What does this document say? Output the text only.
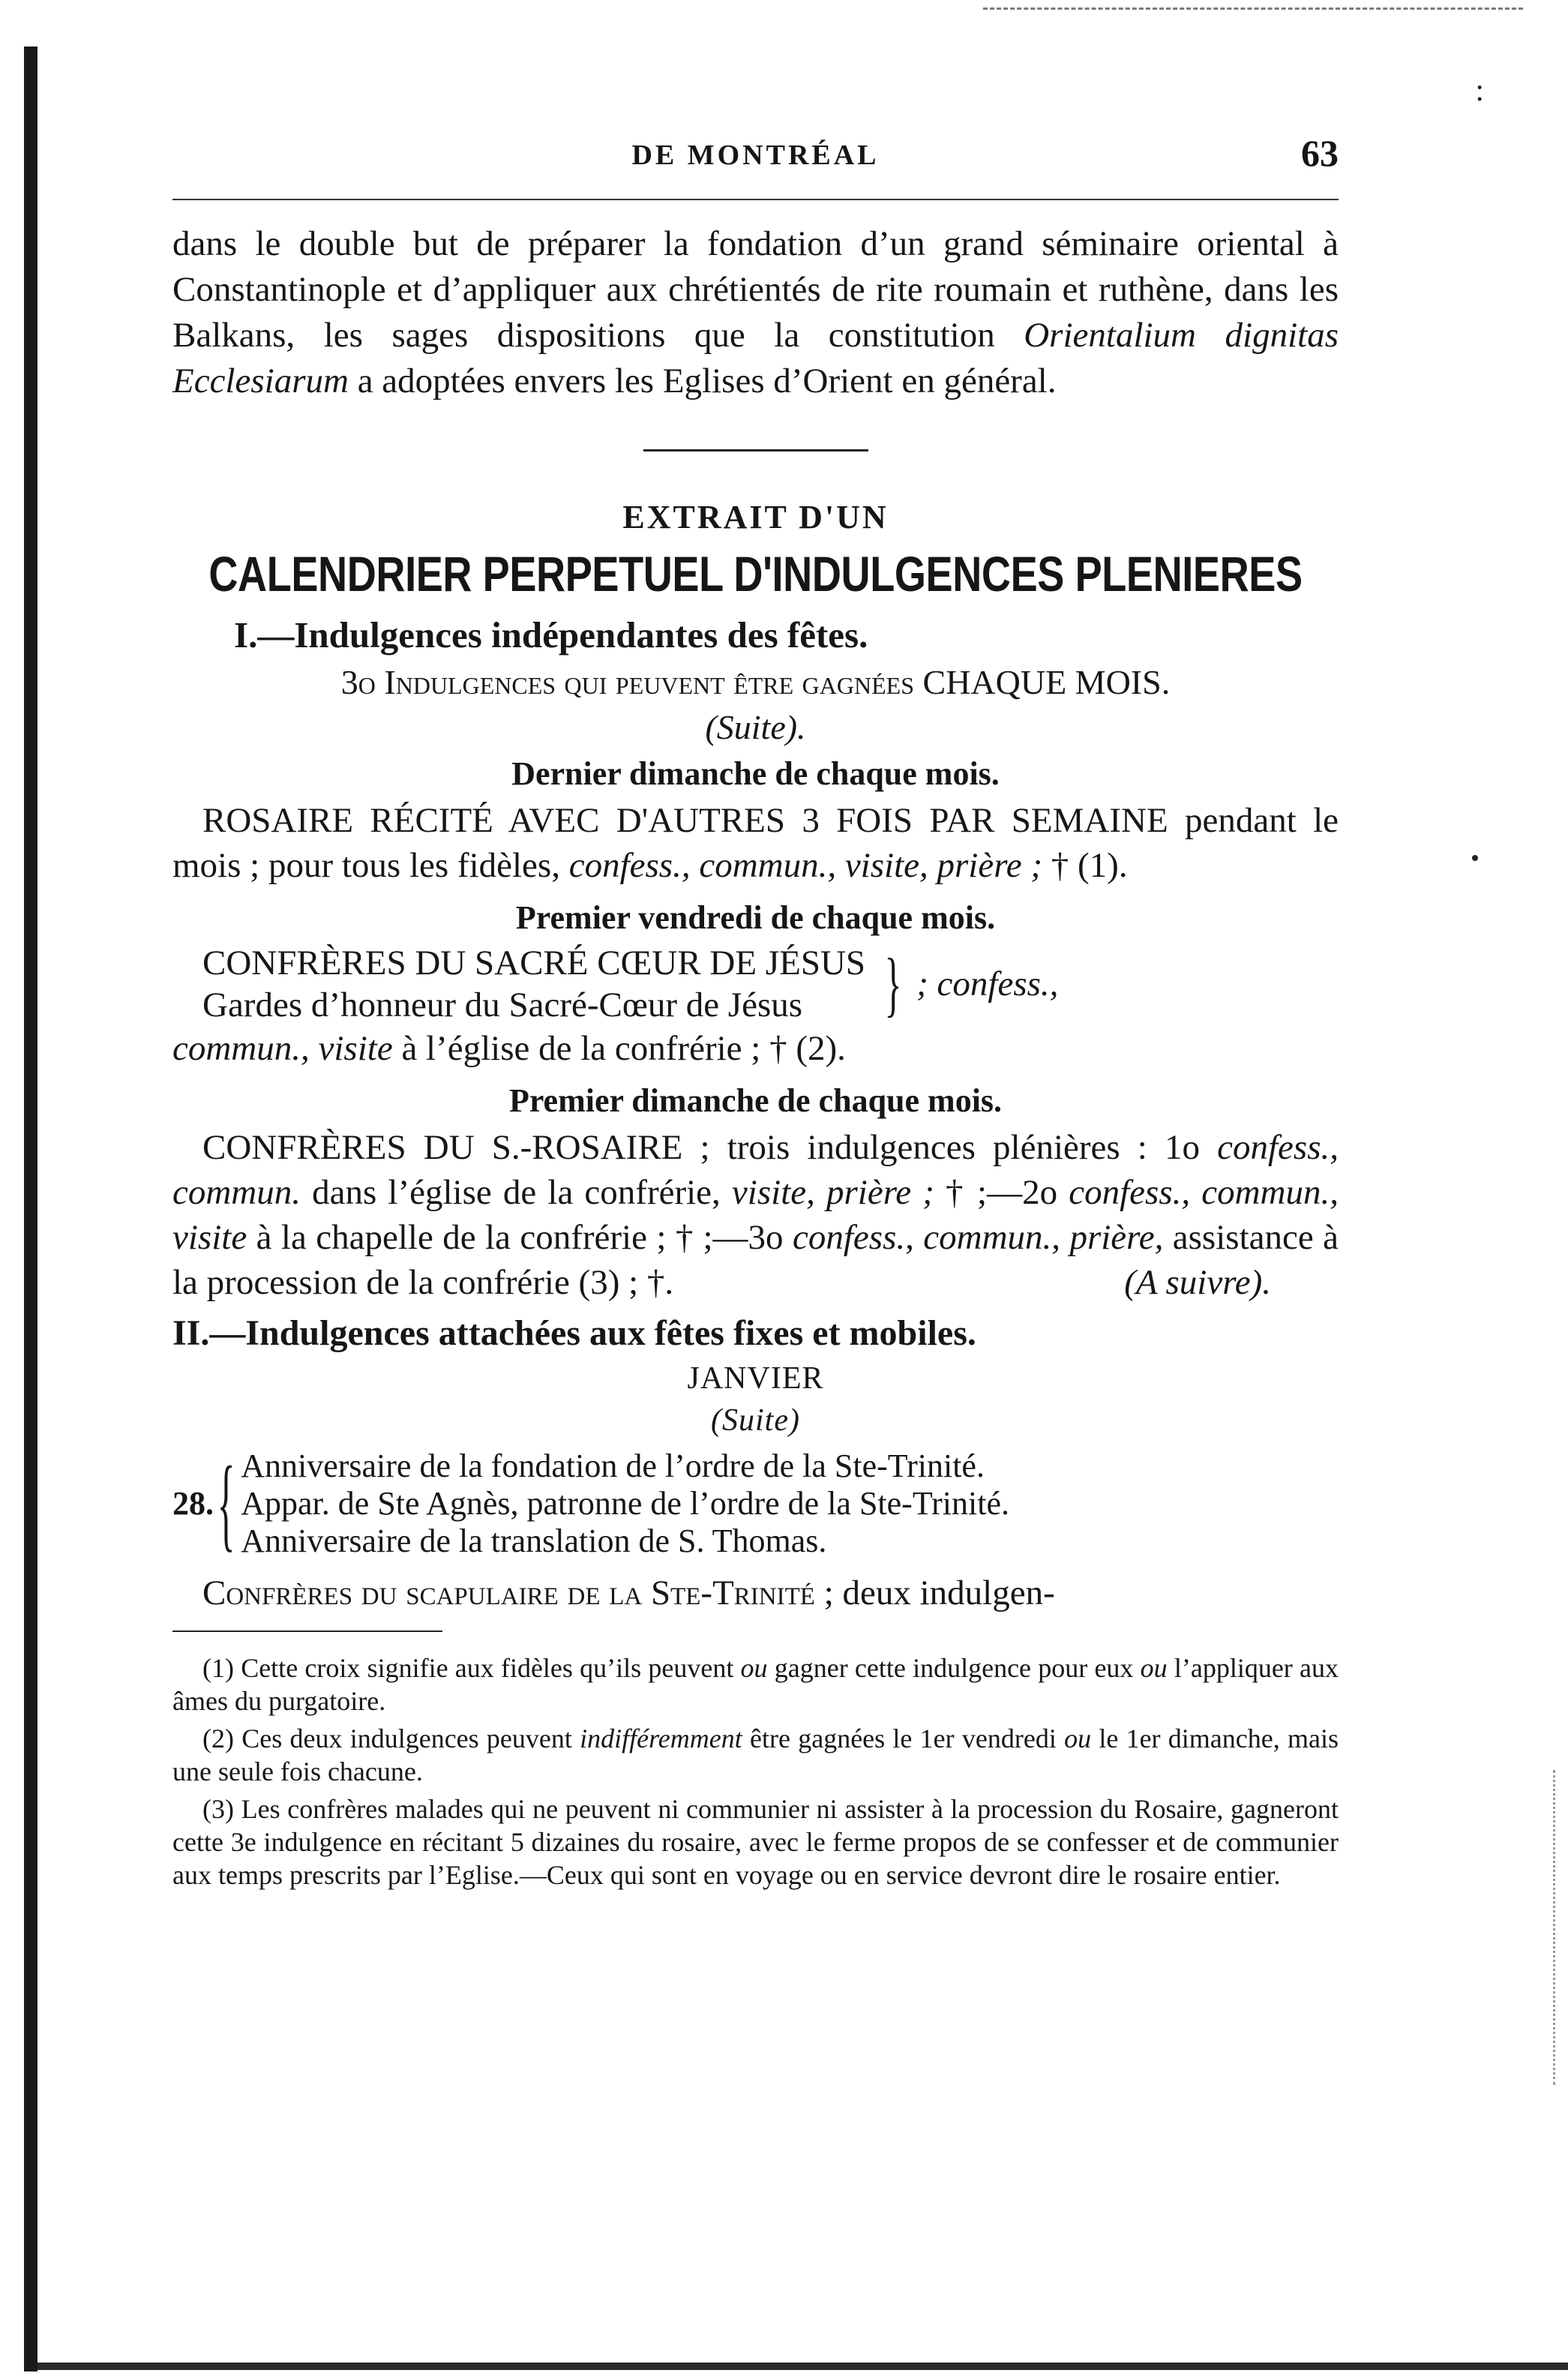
:
DE MONTRÉAL	63

dans le double but de préparer la fondation d’un grand séminaire oriental à Constantinople et d’appliquer aux chrétientés de rite roumain et ruthène, dans les Balkans, les sages dispositions que la constitution Orientalium dignitas Ecclesiarum a adoptées envers les Eglises d’Orient en général.

EXTRAIT D'UN

CALENDRIER PERPETUEL D'INDULGENCES PLENIERES

I.—Indulgences indépendantes des fêtes.

3o Indulgences qui peuvent être gagnées CHAQUE MOIS.

(Suite).

Dernier dimanche de chaque mois.

ROSAIRE RÉCITÉ AVEC D'AUTRES 3 FOIS PAR SEMAINE pendant le mois ; pour tous les fidèles, confess., commun., visite, prière ; † (1).

Premier vendredi de chaque mois.

CONFRÈRES DU SACRÉ CŒUR DE JÉSUS
Gardes d’honneur du Sacré-Cœur de Jésus	} ; confess.,

commun., visite à l’église de la confrérie ; † (2).

Premier dimanche de chaque mois.

CONFRÈRES DU S.-ROSAIRE ; trois indulgences plénières : 1o confess., commun. dans l’église de la confrérie, visite, prière ; † ;—2o confess., commun., visite à la chapelle de la confrérie ; † ;—3o confess., commun., prière, assistance à la procession de la confrérie (3) ; †.	(A suivre).

II.—Indulgences attachées aux fêtes fixes et mobiles.

JANVIER

(Suite)

28. { Anniversaire de la fondation de l’ordre de la Ste-Trinité.
Appar. de Ste Agnès, patronne de l’ordre de la Ste-Trinité.
Anniversaire de la translation de S. Thomas.

Confrères du scapulaire de la Ste-Trinité ; deux indulgen-

(1) Cette croix signifie aux fidèles qu’ils peuvent ou gagner cette indulgence pour eux ou l’appliquer aux âmes du purgatoire.

(2) Ces deux indulgences peuvent indifféremment être gagnées le 1er vendredi ou le 1er dimanche, mais une seule fois chacune.

(3) Les confrères malades qui ne peuvent ni communier ni assister à la procession du Rosaire, gagneront cette 3e indulgence en récitant 5 dizaines du rosaire, avec le ferme propos de se confesser et de communier aux temps prescrits par l’Eglise.—Ceux qui sont en voyage ou en service devront dire le rosaire entier.
